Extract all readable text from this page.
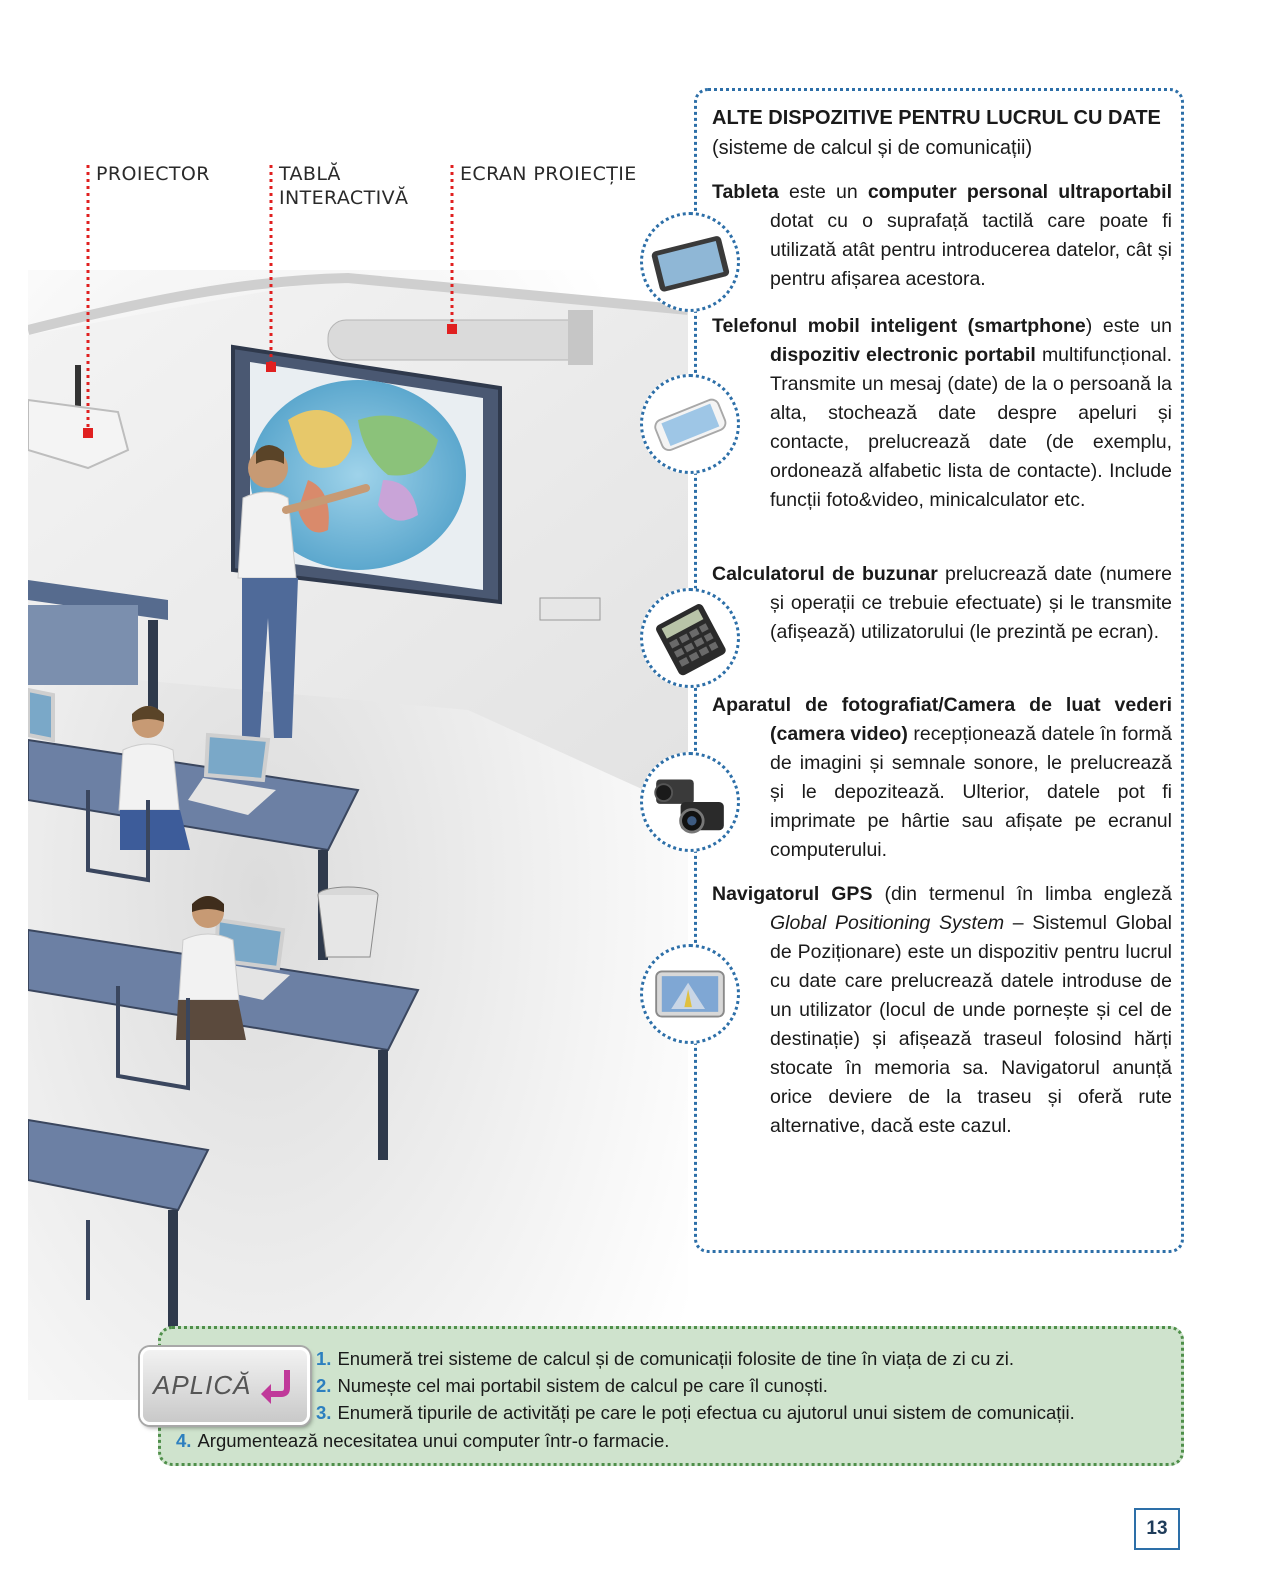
PROIECTOR	TABLĂ
INTERACTIVĂ
ECRAN PROIECȚIE
ALTE DISPOZITIVE PENTRU LUCRUL CU DATE (sisteme de calcul și de comunicații)

Tableta este un computer personal ultraportabil dotat cu o suprafață tactilă care poate fi utilizată atât pentru introducerea datelor, cât și pentru afișarea acestora.

Telefonul mobil inteligent (smartphone) este un dispozitiv electronic portabil multifuncțional. Transmite un mesaj (date) de la o persoană la alta, stochează date despre apeluri și contacte, prelucrează date (de exemplu, ordonează alfabetic lista de contacte). Include funcții foto&video, minicalculator etc.

Calculatorul de buzunar prelucrează date (numere și operații ce trebuie efectuate) și le transmite (afișează) utilizatorului (le prezintă pe ecran).

Aparatul de fotografiat/Camera de luat vederi (camera video) recepționează datele în formă de imagini și semnale sonore, le prelucrează și le depozitează. Ulterior, datele pot fi imprimate pe hârtie sau afișate pe ecranul computerului.

Navigatorul GPS (din termenul în limba engleză Global Positioning System – Sistemul Global de Poziționare) este un dispozitiv pentru lucrul cu date care prelucrează datele introduse de un utilizator (locul de unde pornește și cel de destinație) și afișează traseul folosind hărți stocate în memoria sa. Navigatorul anunță orice deviere de la traseu și oferă rute alternative, dacă este cazul.

APLICĂ
1. Enumeră trei sisteme de calcul și de comunicații folosite de tine în viața de zi cu zi.
2. Numește cel mai portabil sistem de calcul pe care îl cunoști.
3. Enumeră tipurile de activități pe care le poți efectua cu ajutorul unui sistem de comunicații.
4. Argumentează necesitatea unui computer într-o farmacie.
13
